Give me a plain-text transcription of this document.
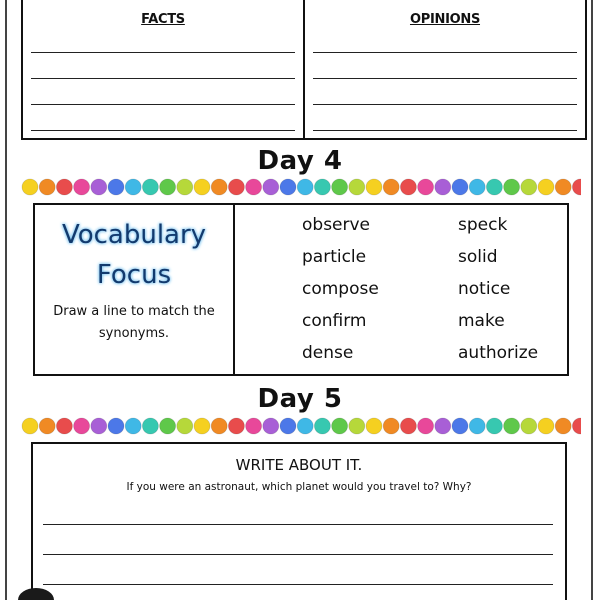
FACTS	OPINIONS
Day 4
Vocabulary
Focus
Draw a line to match the synonyms.
observe
particle
compose
confirm
dense
speck
solid
notice
make
authorize
Day 5
WRITE ABOUT IT.
If you were an astronaut, which planet would you travel to? Why?
